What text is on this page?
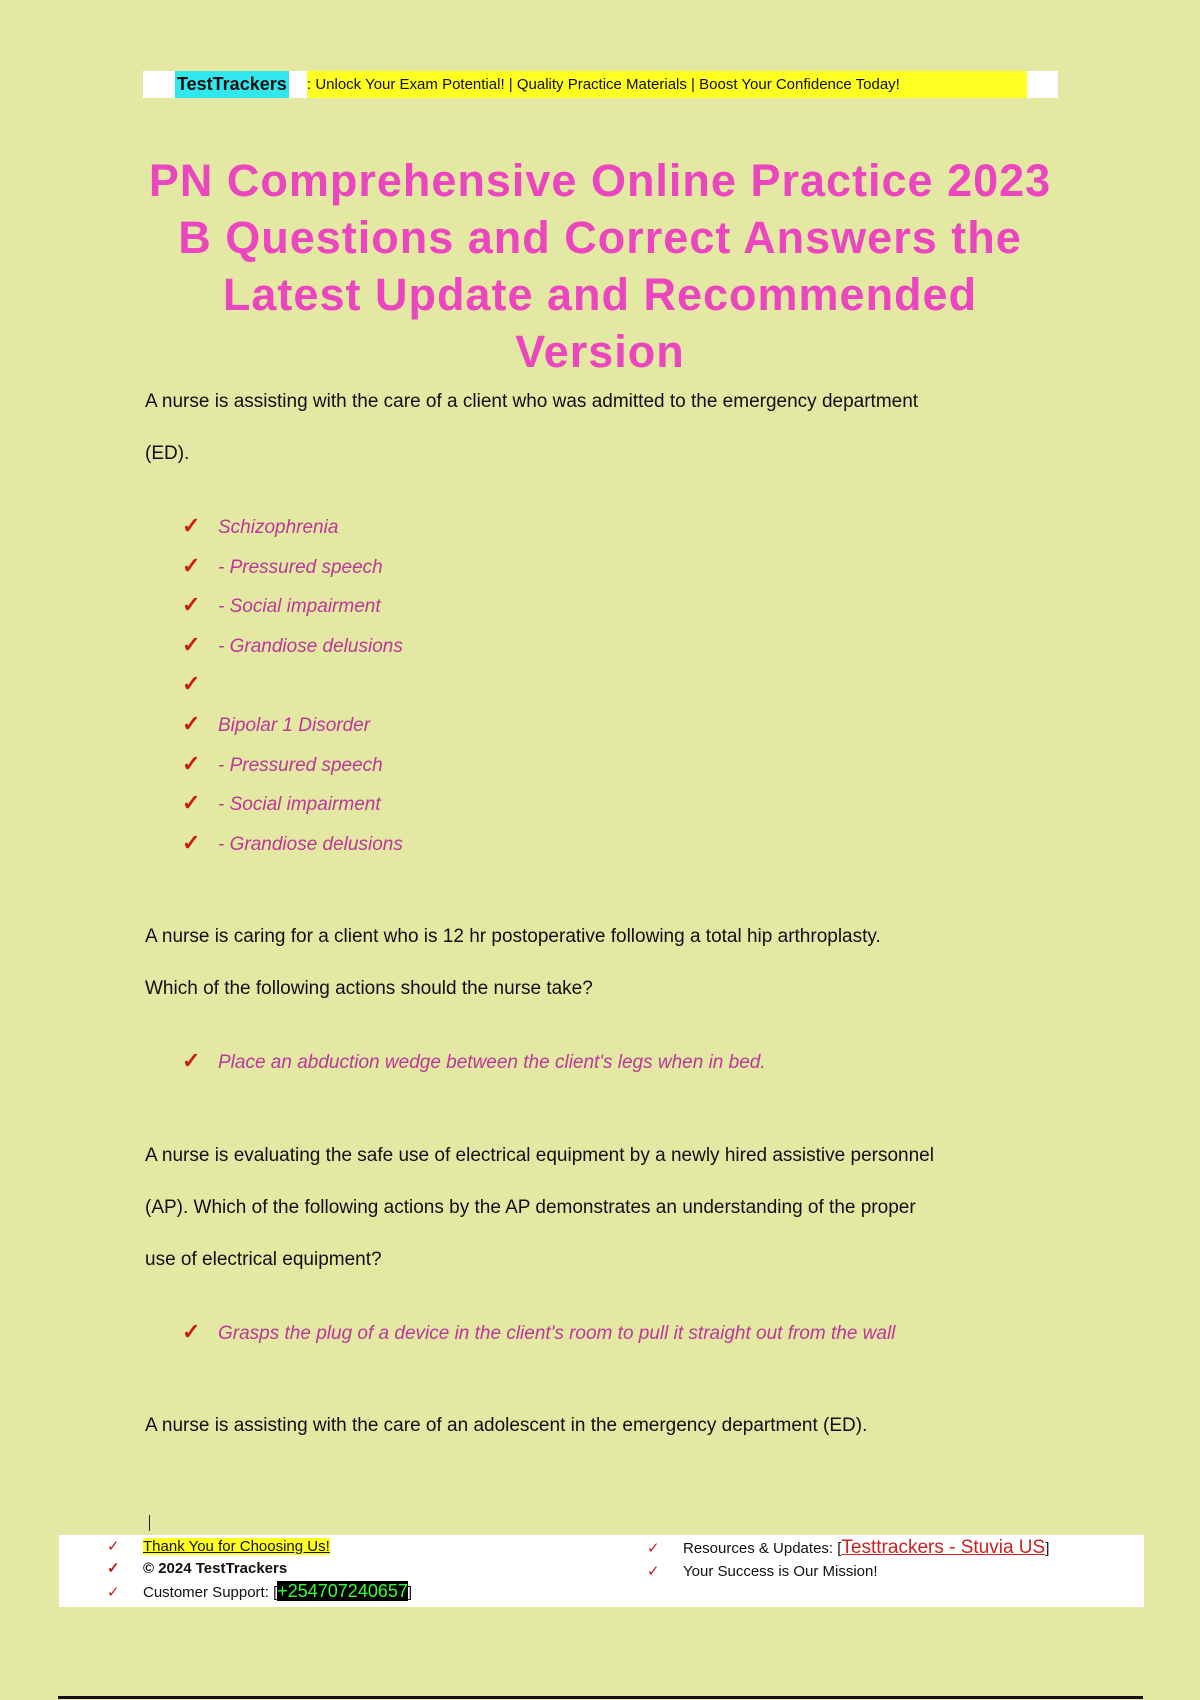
TestTrackers : Unlock Your Exam Potential! | Quality Practice Materials | Boost Your Confidence Today!
PN Comprehensive Online Practice 2023 B Questions and Correct Answers the Latest Update and Recommended Version
A nurse is assisting with the care of a client who was admitted to the emergency department
(ED).
✓ Schizophrenia
✓ - Pressured speech
✓ - Social impairment
✓ - Grandiose delusions
✓
✓ Bipolar 1 Disorder
✓ - Pressured speech
✓ - Social impairment
✓ - Grandiose delusions
A nurse is caring for a client who is 12 hr postoperative following a total hip arthroplasty.
Which of the following actions should the nurse take?
✓ Place an abduction wedge between the client's legs when in bed.
A nurse is evaluating the safe use of electrical equipment by a newly hired assistive personnel
(AP). Which of the following actions by the AP demonstrates an understanding of the proper
use of electrical equipment?
✓ Grasps the plug of a device in the client's room to pull it straight out from the wall
A nurse is assisting with the care of an adolescent in the emergency department (ED).
✓ Thank You for Choosing Us!
✓ © 2024 TestTrackers
✓ Customer Support: [+254707240657]
✓ Resources & Updates: [Testtrackers - Stuvia US]
✓ Your Success is Our Mission!
